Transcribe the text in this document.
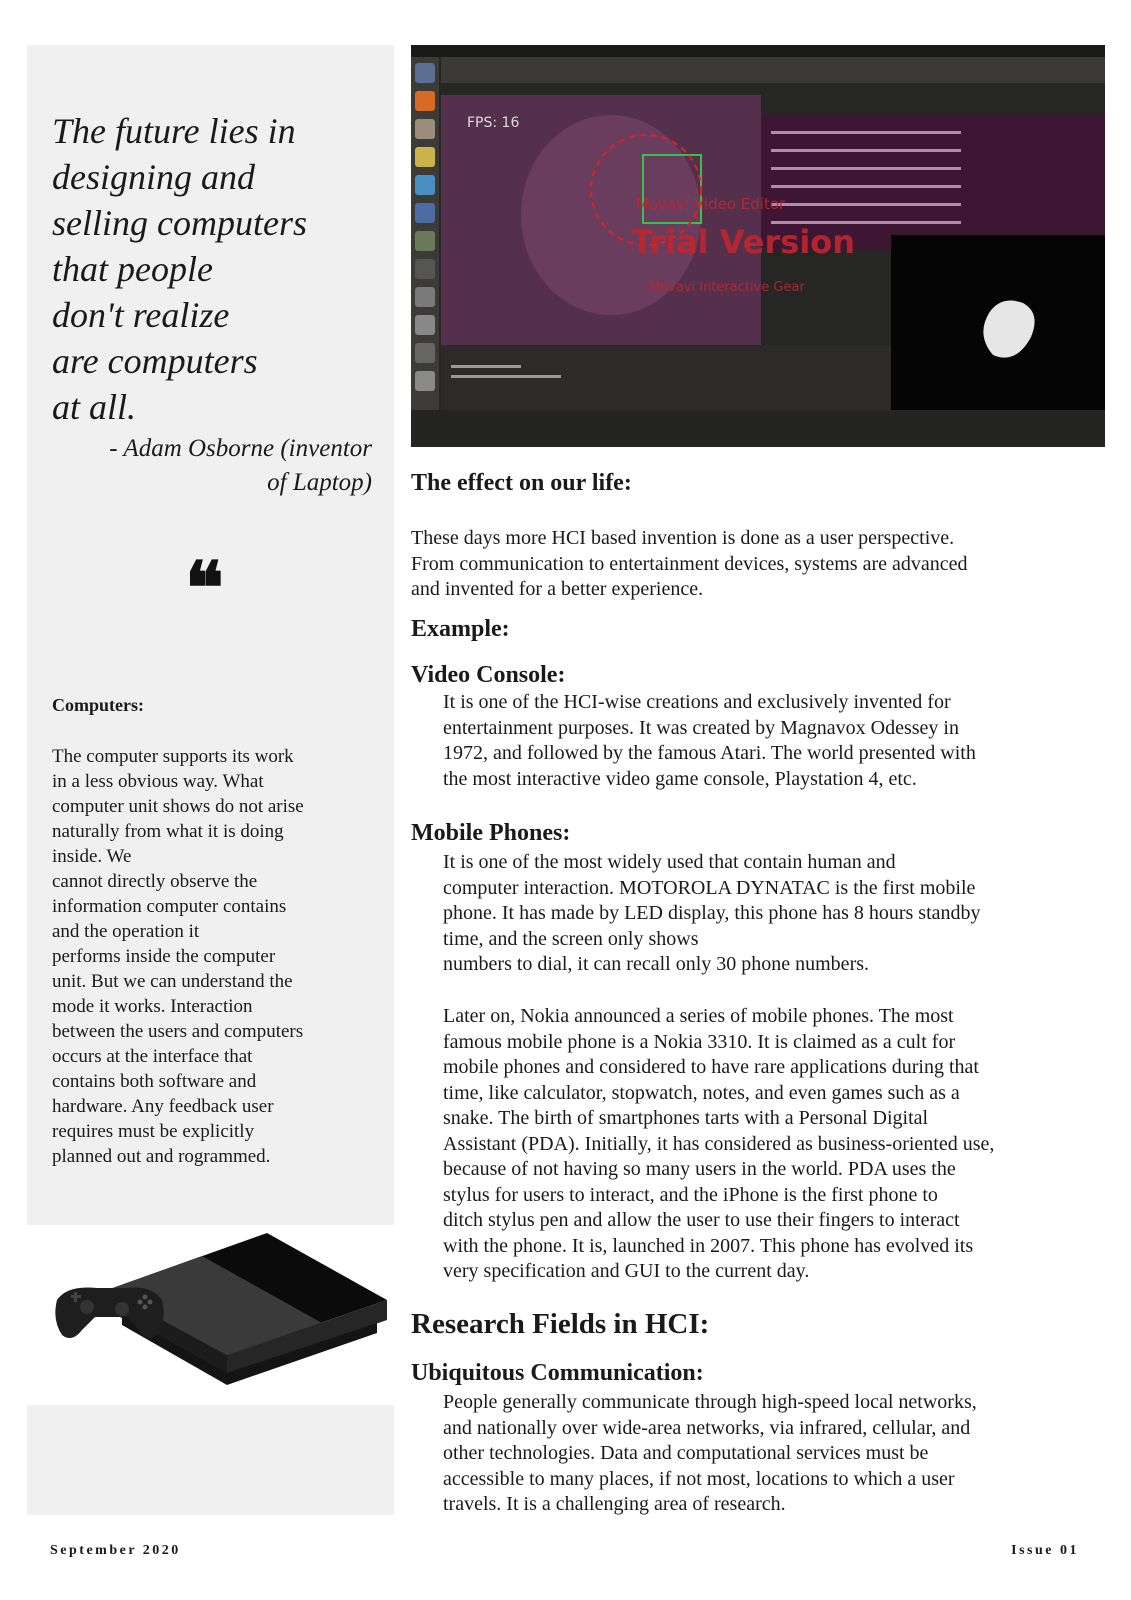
The future lies in
designing and
selling computers
that people
don't realize
are computers
at all.
- Adam Osborne (inventor
of Laptop)
❝
Computers:
The computer supports its work
in a less obvious way. What
computer unit shows do not arise
naturally from what it is doing
inside. We
cannot directly observe the
information computer contains
and the operation it
performs inside the computer
unit. But we can understand the
mode it works. Interaction
between the users and computers
occurs at the interface that
contains both software and
hardware. Any feedback user
requires must be explicitly
planned out and rogrammed.
FPS: 16
Movavi Video Editor
Trial Version
Movavi Interactive Gear
The effect on our life:
These days more HCI based invention is done as a user perspective.
From communication to entertainment devices, systems are advanced
and invented for a better experience.
Example:
Video Console:
It is one of the HCI-wise creations and exclusively invented for
entertainment purposes. It was created by Magnavox Odessey in
1972, and followed by the famous Atari. The world presented with
the most interactive video game console, Playstation 4, etc.
Mobile Phones:
It is one of the most widely used that contain human and
computer interaction. MOTOROLA DYNATAC is the first mobile
phone. It has made by LED display, this phone has 8 hours standby
time, and the screen only shows
numbers to dial, it can recall only 30 phone numbers.
Later on, Nokia announced a series of mobile phones. The most
famous mobile phone is a Nokia 3310. It is claimed as a cult for
mobile phones and considered to have rare applications during that
time, like calculator, stopwatch, notes, and even games such as a
snake. The birth of smartphones tarts with a Personal Digital
Assistant (PDA). Initially, it has considered as business-oriented use,
because of not having so many users in the world. PDA uses the
stylus for users to interact, and the iPhone is the first phone to
ditch stylus pen and allow the user to use their fingers to interact
with the phone. It is, launched in 2007. This phone has evolved its
very specification and GUI to the current day.
Research Fields in HCI:
Ubiquitous Communication:
People generally communicate through high-speed local networks,
and nationally over wide-area networks, via infrared, cellular, and
other technologies. Data and computational services must be
accessible to many places, if not most, locations to which a user
travels. It is a challenging area of research.
September 2020	Issue 01
